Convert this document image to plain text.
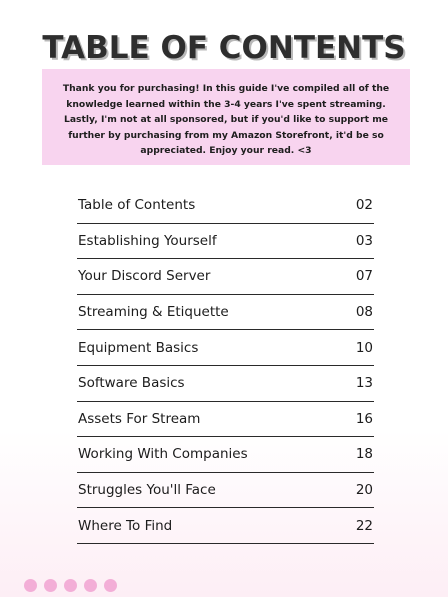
TABLE OF CONTENTS
Thank you for purchasing! In this guide I've compiled all of the knowledge learned within the 3-4 years I've spent streaming. Lastly, I'm not at all sponsored, but if you'd like to support me further by purchasing from my Amazon Storefront, it'd be so appreciated. Enjoy your read. <3
Table of Contents	02
Establishing Yourself	03
Your Discord Server	07
Streaming & Etiquette	08
Equipment Basics	10
Software Basics	13
Assets For Stream	16
Working With Companies	18
Struggles You'll Face	20
Where To Find	22
